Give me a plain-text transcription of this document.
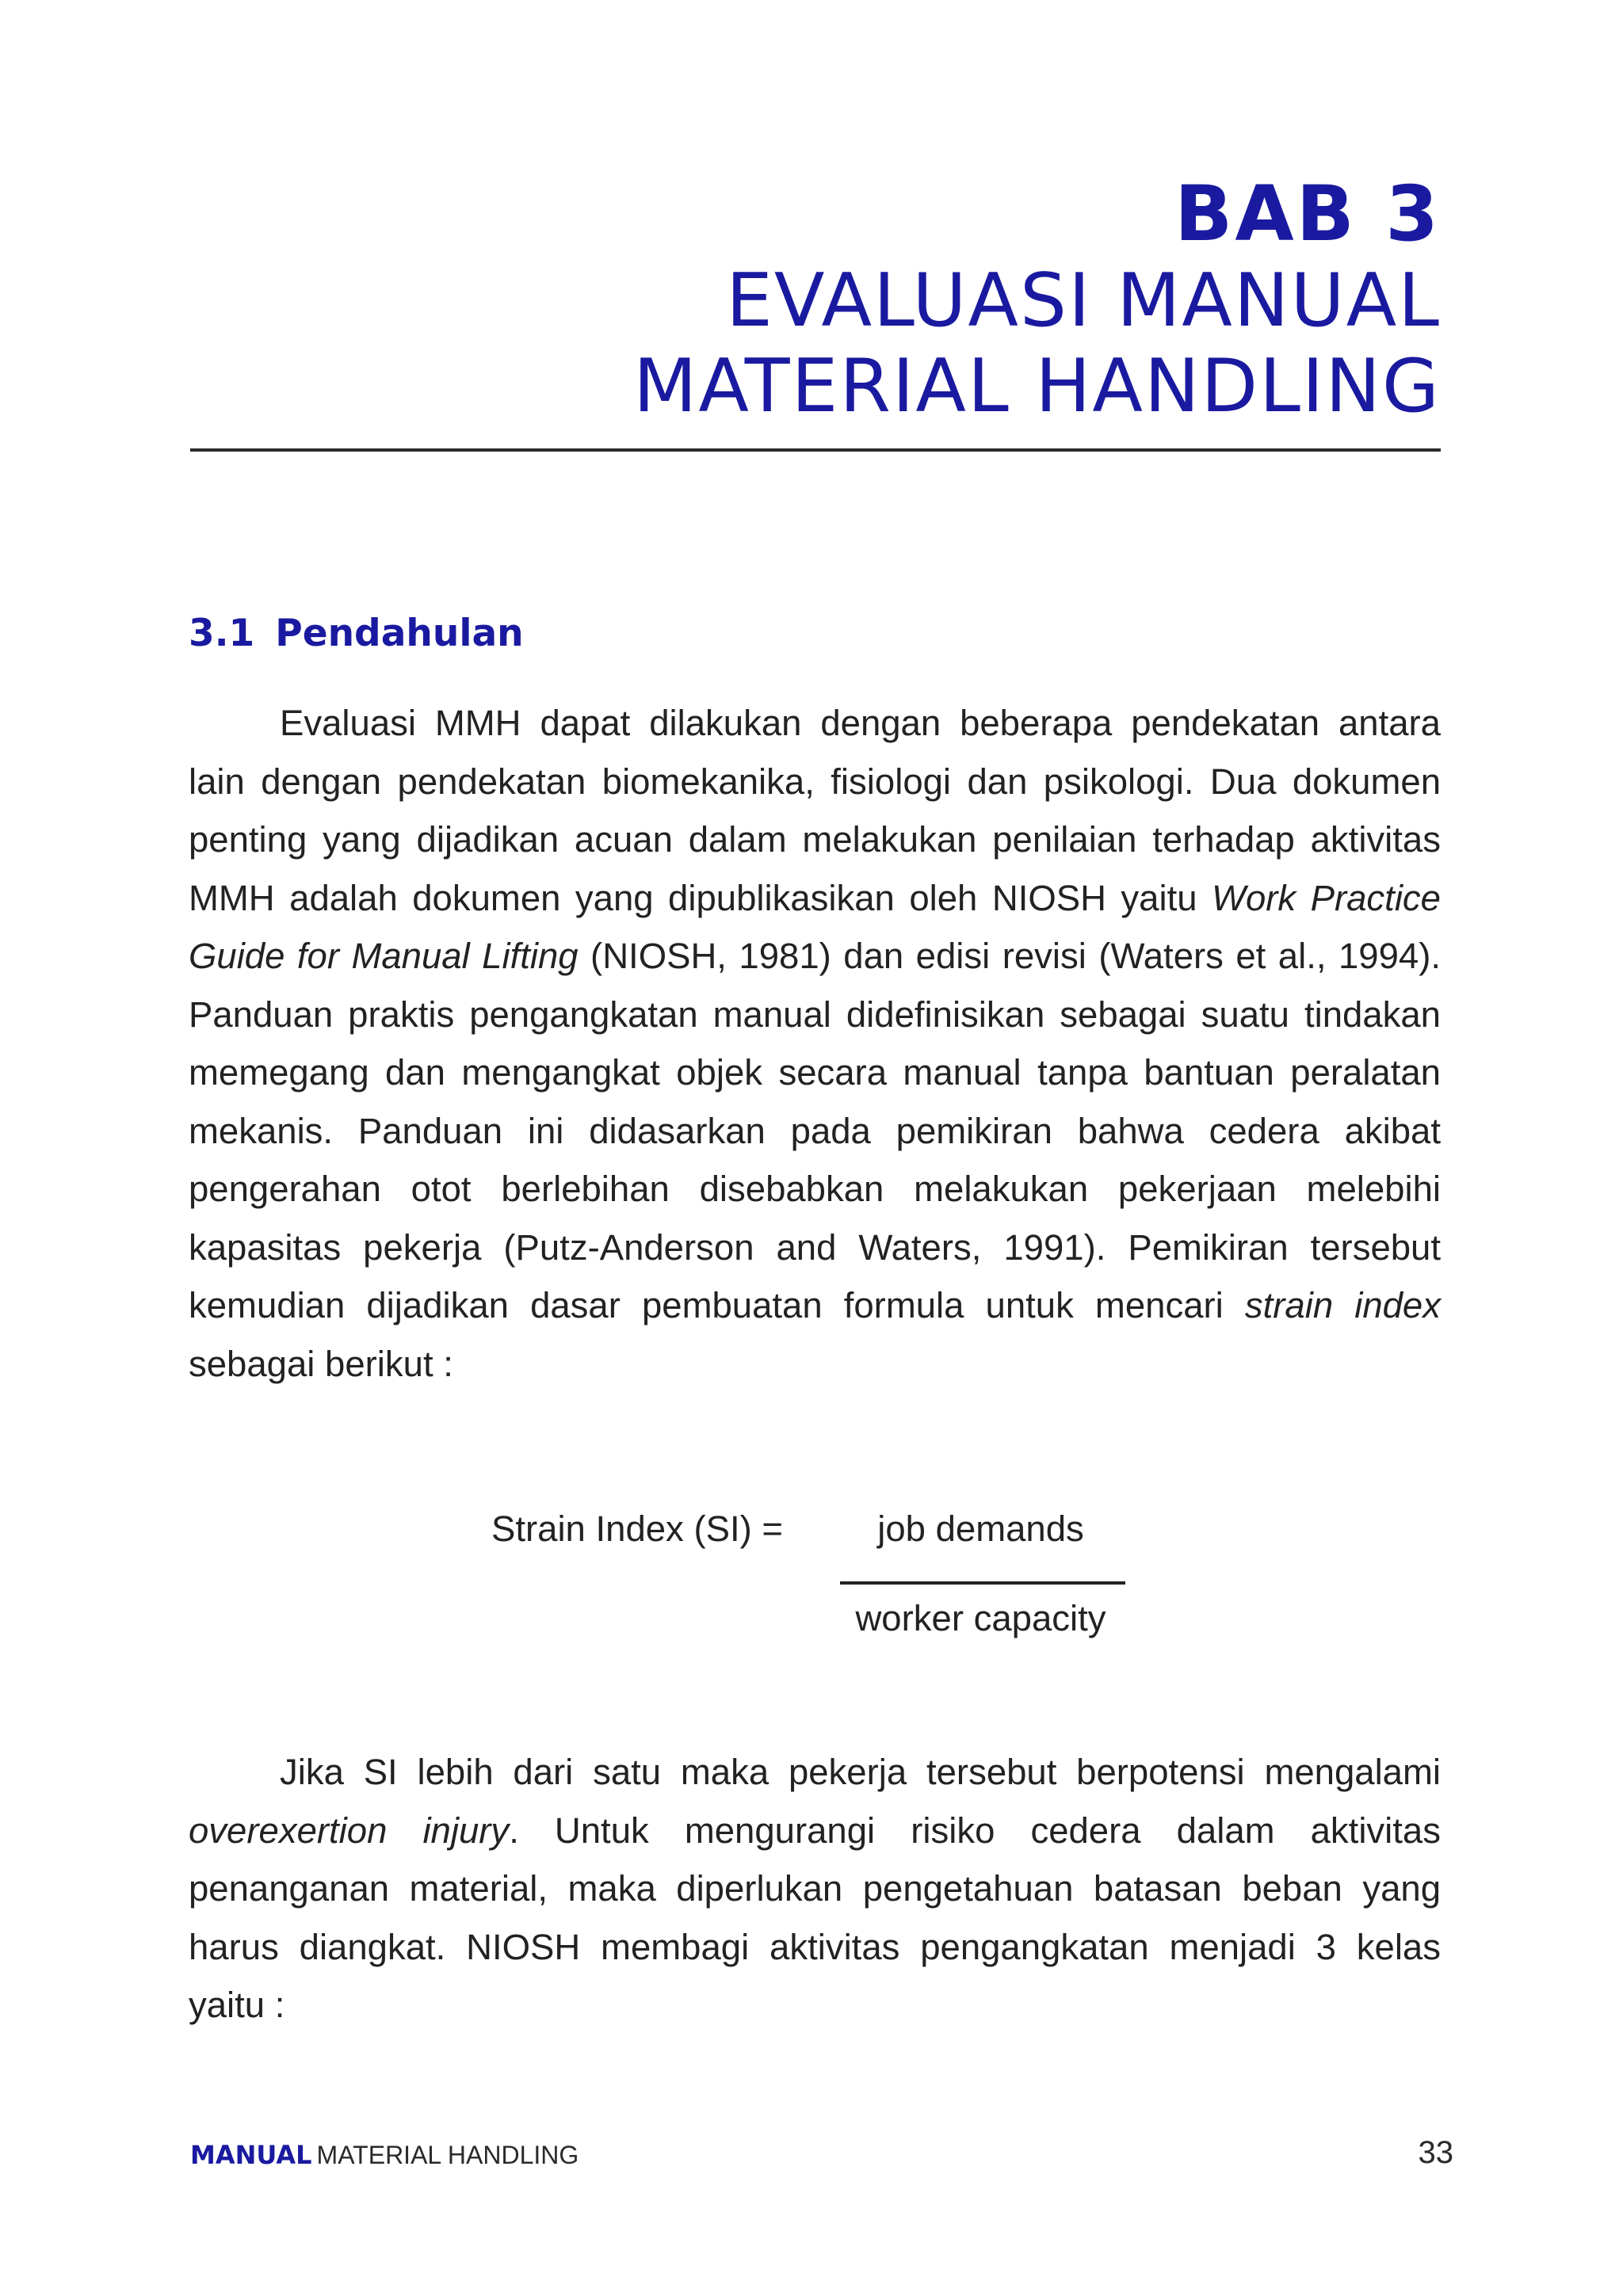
BAB 3
EVALUASI MANUAL
MATERIAL HANDLING
3.1 Pendahulan

Evaluasi MMH dapat dilakukan dengan beberapa pendekatan antara lain dengan pendekatan biomekanika, fisiologi dan psikologi. Dua dokumen penting yang dijadikan acuan dalam melakukan penilaian terhadap aktivitas MMH adalah dokumen yang dipublikasikan oleh NIOSH yaitu Work Practice Guide for Manual Lifting (NIOSH, 1981) dan edisi revisi (Waters et al., 1994). Panduan praktis pengangkatan manual didefinisikan sebagai suatu tindakan memegang dan mengangkat objek secara manual tanpa bantuan peralatan mekanis. Panduan ini didasarkan pada pemikiran bahwa cedera akibat pengerahan otot berlebihan disebabkan melakukan pekerjaan melebihi kapasitas pekerja (Putz-Anderson and Waters, 1991). Pemikiran tersebut kemudian dijadikan dasar pembuatan formula untuk mencari strain index sebagai berikut :

Strain Index (SI) =	job demands
worker capacity

Jika SI lebih dari satu maka pekerja tersebut berpotensi mengalami overexertion injury. Untuk mengurangi risiko cedera dalam aktivitas penanganan material, maka diperlukan pengetahuan batasan beban yang harus diangkat. NIOSH membagi aktivitas pengangkatan menjadi 3 kelas yaitu :

MANUAL MATERIAL HANDLING	33
